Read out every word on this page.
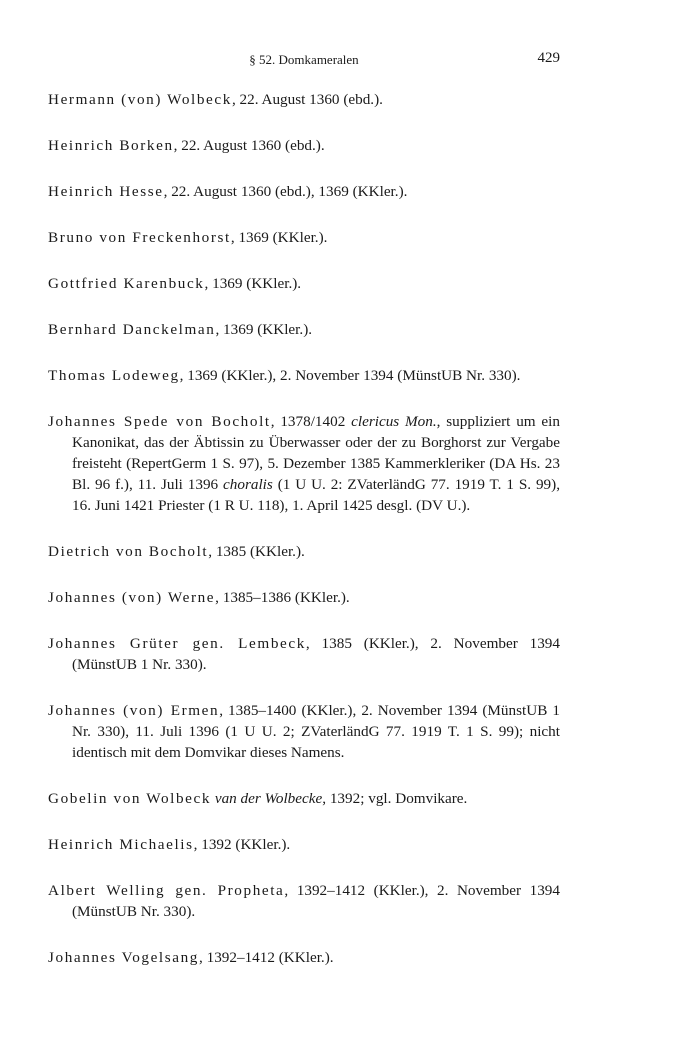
§ 52. Domkameralen	429

Hermann (von) Wolbeck, 22. August 1360 (ebd.).

Heinrich Borken, 22. August 1360 (ebd.).

Heinrich Hesse, 22. August 1360 (ebd.), 1369 (KKler.).

Bruno von Freckenhorst, 1369 (KKler.).

Gottfried Karenbuck, 1369 (KKler.).

Bernhard Danckelman, 1369 (KKler.).

Thomas Lodeweg, 1369 (KKler.), 2. November 1394 (MünstUB Nr. 330).

Johannes Spede von Bocholt, 1378/1402 clericus Mon., suppliziert um ein Kanonikat, das der Äbtissin zu Überwasser oder der zu Borghorst zur Vergabe freisteht (RepertGerm 1 S. 97), 5. Dezember 1385 Kammerkleriker (DA Hs. 23 Bl. 96 f.), 11. Juli 1396 choralis (1 U U. 2: ZVaterländG 77. 1919 T. 1 S. 99), 16. Juni 1421 Priester (1 R U. 118), 1. April 1425 desgl. (DV U.).

Dietrich von Bocholt, 1385 (KKler.).

Johannes (von) Werne, 1385–1386 (KKler.).

Johannes Grüter gen. Lembeck, 1385 (KKler.), 2. November 1394 (MünstUB 1 Nr. 330).

Johannes (von) Ermen, 1385–1400 (KKler.), 2. November 1394 (MünstUB 1 Nr. 330), 11. Juli 1396 (1 U U. 2; ZVaterländG 77. 1919 T. 1 S. 99); nicht identisch mit dem Domvikar dieses Namens.

Gobelin von Wolbeck van der Wolbecke, 1392; vgl. Domvikare.

Heinrich Michaelis, 1392 (KKler.).

Albert Welling gen. Propheta, 1392–1412 (KKler.), 2. November 1394 (MünstUB Nr. 330).

Johannes Vogelsang, 1392–1412 (KKler.).
